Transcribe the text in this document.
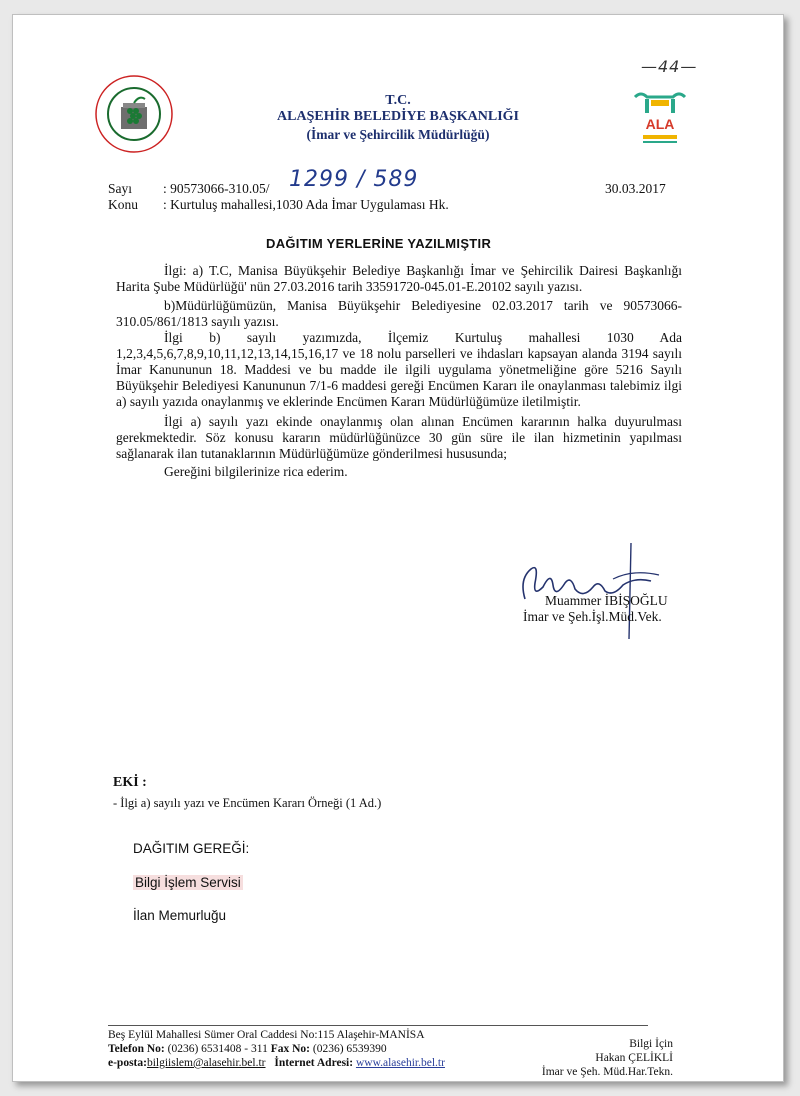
ALA
—44—
T.C.
ALAŞEHİR BELEDİYE BAŞKANLIĞI
(İmar ve Şehircilik Müdürlüğü)
Sayı : 90573066-310.05/ 1299 / 589
Konu : Kurtuluş mahallesi,1030 Ada İmar Uygulaması Hk.
30.03.2017
DAĞITIM YERLERİNE YAZILMIŞTIR

İlgi: a) T.C, Manisa Büyükşehir Belediye Başkanlığı İmar ve Şehircilik Dairesi Başkanlığı Harita Şube Müdürlüğü' nün 27.03.2016 tarih 33591720-045.01-E.20102 sayılı yazısı.

b)Müdürlüğümüzün, Manisa Büyükşehir Belediyesine 02.03.2017 tarih ve 90573066-310.05/861/1813 sayılı yazısı.

İlgi b) sayılı yazımızda, İlçemiz Kurtuluş mahallesi 1030 Ada 1,2,3,4,5,6,7,8,9,10,11,12,13,14,15,16,17 ve 18 nolu parselleri ve ihdasları kapsayan alanda 3194 sayılı İmar Kanununun 18. Maddesi ve bu madde ile ilgili uygulama yönetmeliğine göre 5216 Sayılı Büyükşehir Belediyesi Kanununun 7/1-6 maddesi gereği Encümen Kararı ile onaylanması talebimiz ilgi a) sayılı yazıda onaylanmış ve eklerinde Encümen Kararı Müdürlüğümüze iletilmiştir.

İlgi a) sayılı yazı ekinde onaylanmış olan alınan Encümen kararının halka duyurulması gerekmektedir. Söz konusu kararın müdürlüğünüzce 30 gün süre ile ilan hizmetinin yapılması sağlanarak ilan tutanaklarının Müdürlüğümüze gönderilmesi hususunda;

Gereğini bilgilerinize rica ederim.

Muammer İBİŞOĞLU
İmar ve Şeh.İşl.Müd.Vek.
EKİ :
- İlgi a) sayılı yazı ve Encümen Kararı Örneği (1 Ad.)
DAĞITIM GEREĞİ:
Bilgi İşlem Servisi
İlan Memurluğu
Beş Eylül Mahallesi Sümer Oral Caddesi No:115 Alaşehir-MANİSA
Telefon No: (0236) 6531408 - 311 Fax No: (0236) 6539390
e-posta:bilgiislem@alasehir.bel.tr İnternet Adresi: www.alasehir.bel.tr
Bilgi İçin
Hakan ÇELİKLİ
İmar ve Şeh. Müd.Har.Tekn.
